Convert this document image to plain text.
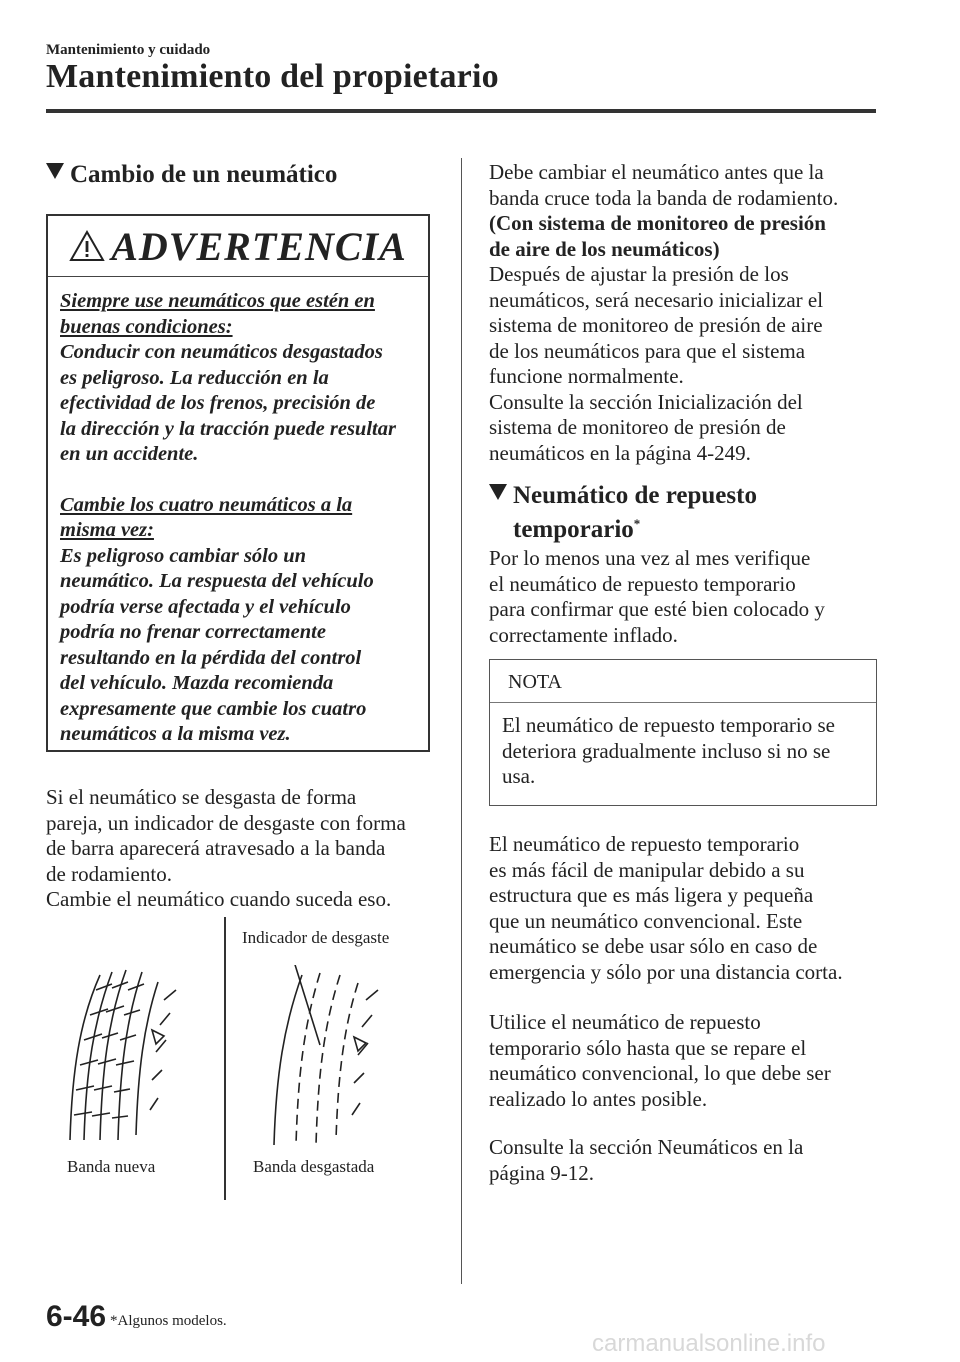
Mantenimiento y cuidado
Mantenimiento del propietario
Cambio de un neumático
ADVERTENCIA

Siempre use neumáticos que estén en
buenas condiciones:
Conducir con neumáticos desgastados
es peligroso. La reducción en la
efectividad de los frenos, precisión de
la dirección y la tracción puede resultar
en un accidente.

Cambie los cuatro neumáticos a la
misma vez:
Es peligroso cambiar sólo un
neumático. La respuesta del vehículo
podría verse afectada y el vehículo
podría no frenar correctamente
resultando en la pérdida del control
del vehículo. Mazda recomienda
expresamente que cambie los cuatro
neumáticos a la misma vez.

Si el neumático se desgasta de forma
pareja, un indicador de desgaste con forma
de barra aparecerá atravesado a la banda
de rodamiento.
Cambie el neumático cuando suceda eso.
Indicador de desgaste
Banda nueva	Banda desgastada
Debe cambiar el neumático antes que la
banda cruce toda la banda de rodamiento.
(Con sistema de monitoreo de presión
de aire de los neumáticos)
Después de ajustar la presión de los
neumáticos, será necesario inicializar el
sistema de monitoreo de presión de aire
de los neumáticos para que el sistema
funcione normalmente.
Consulte la sección Inicialización del
sistema de monitoreo de presión de
neumáticos en la página 4-249.
Neumático de repuesto
temporario*
Por lo menos una vez al mes verifique
el neumático de repuesto temporario
para confirmar que esté bien colocado y
correctamente inflado.
NOTA
El neumático de repuesto temporario se
deteriora gradualmente incluso si no se
usa.
El neumático de repuesto temporario
es más fácil de manipular debido a su
estructura que es más ligera y pequeña
que un neumático convencional. Este
neumático se debe usar sólo en caso de
emergencia y sólo por una distancia corta.
Utilice el neumático de repuesto
temporario sólo hasta que se repare el
neumático convencional, lo que debe ser
realizado lo antes posible.
Consulte la sección Neumáticos en la
página 9-12.
6-46 *Algunos modelos.
carmanualsonline.info
